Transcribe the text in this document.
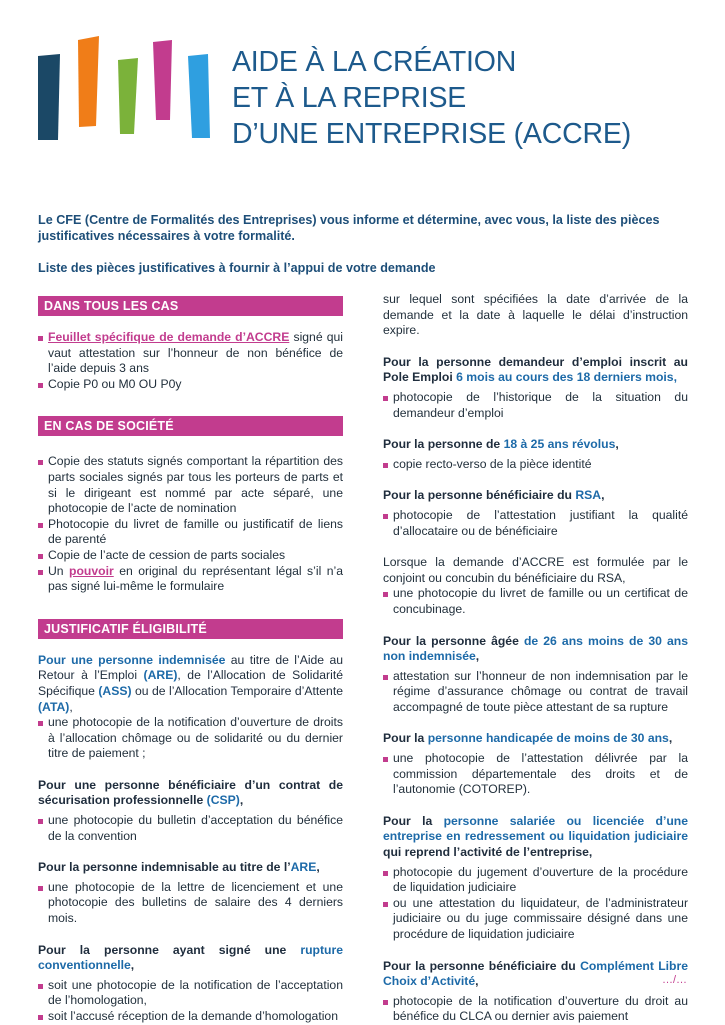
AIDE À LA CRÉATION
ET À LA REPRISE
D’UNE ENTREPRISE (ACCRE)

Le CFE (Centre de Formalités des Entreprises) vous informe et détermine, avec vous, la liste des pièces justificatives nécessaires à votre formalité.

Liste des pièces justificatives à fournir à l’appui de votre demande

DANS TOUS LES CAS
Feuillet spécifique de demande d’ACCRE signé qui vaut attestation sur l’honneur de non bénéfice de l’aide depuis 3 ans
Copie P0 ou M0 OU P0y
EN CAS DE SOCIÉTÉ
Copie des statuts signés comportant la répartition des parts sociales signés par tous les porteurs de parts et si le dirigeant est nommé par acte séparé, une photocopie de l’acte de nomination
Photocopie du livret de famille ou justificatif de liens de parenté
Copie de l’acte de cession de parts sociales
Un pouvoir en original du représentant légal s’il n’a pas signé lui-même le formulaire
JUSTIFICATIF ÉLIGIBILITÉ
Pour une personne indemnisée au titre de l’Aide au Retour à l’Emploi (ARE), de l’Allocation de Solidarité Spécifique (ASS) ou de l’Allocation Temporaire d’Attente (ATA),
une photocopie de la notification d’ouverture de droits à l’allocation chômage ou de solidarité ou du dernier titre de paiement ;
Pour une personne bénéficiaire d’un contrat de sécurisation professionnelle (CSP),
une photocopie du bulletin d’acceptation du bénéfice de la convention
Pour la personne indemnisable au titre de l’ARE,
une photocopie de la lettre de licenciement et une photocopie des bulletins de salaire des 4 derniers mois.
Pour la personne ayant signé une rupture conventionnelle,
soit une photocopie de la notification de l’acceptation de l’homologation,
soit l’accusé réception de la demande d’homologation
sur lequel sont spécifiées la date d’arrivée de la demande et la date à laquelle le délai d’instruction expire.
Pour la personne demandeur d’emploi inscrit au Pole Emploi 6 mois au cours des 18 derniers mois,
photocopie de l’historique de la situation du demandeur d’emploi
Pour la personne de 18 à 25 ans révolus,
copie recto-verso de la pièce identité
Pour la personne bénéficiaire du RSA,
photocopie de l’attestation justifiant la qualité d’allocataire ou de bénéficiaire
Lorsque la demande d’ACCRE est formulée par le conjoint ou concubin du bénéficiaire du RSA,
une photocopie du livret de famille ou un certificat de concubinage.
Pour la personne âgée de 26 ans moins de 30 ans non indemnisée,
attestation sur l’honneur de non indemnisation par le régime d’assurance chômage ou contrat de travail accompagné de toute pièce attestant de sa rupture
Pour la personne handicapée de moins de 30 ans,
une photocopie de l’attestation délivrée par la commission départementale des droits et de l’autonomie (COTOREP).
Pour la personne salariée ou licenciée d’une entreprise en redressement ou liquidation judiciaire qui reprend l’activité de l’entreprise,
photocopie du jugement d’ouverture de la procédure de liquidation judiciaire
ou une attestation du liquidateur, de l’administrateur judiciaire ou du juge commissaire désigné dans une procédure de liquidation judiciaire
Pour la personne bénéficiaire du Complément Libre Choix d’Activité,
photocopie de la notification d’ouverture du droit au bénéfice du CLCA ou dernier avis paiement
…/…
